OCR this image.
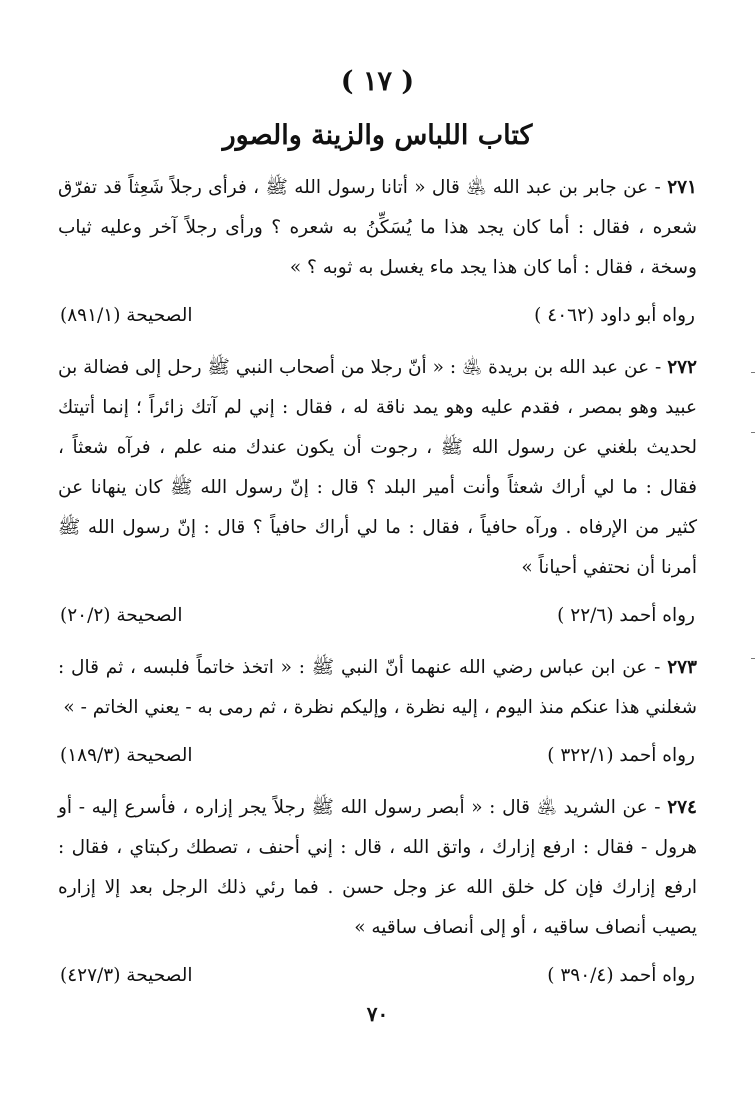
( ١٧ )
كتاب اللباس والزينة والصور

٢٧١ - عن جابر بن عبد الله ﵁ قال « أتانا رسول الله ﷺ ، فرأى رجلاً شَعِثاً قد تفرّق شعره ، فقال : أما كان يجد هذا ما يُسَكِّنُ به شعره ؟ ورأى رجلاً آخر وعليه ثياب وسخة ، فقال : أما كان هذا يجد ماء يغسل به ثوبه ؟ »

رواه أبو داود (٤٠٦٢ )
الصحيحة (٨٩١/١)

٢٧٢ - عن عبد الله بن بريدة ﵁ : « أنّ رجلا من أصحاب النبي ﷺ رحل إلى فضالة بن عبيد وهو بمصر ، فقدم عليه وهو يمد ناقة له ، فقال : إني لم آتك زائراً ؛ إنما أتيتك لحديث بلغني عن رسول الله ﷺ ، رجوت أن يكون عندك منه علم ، فرآه شعثاً ، فقال : ما لي أراك شعثاً وأنت أمير البلد ؟ قال : إنّ رسول الله ﷺ كان ينهانا عن كثير من الإرفاه . ورآه حافياً ، فقال : ما لي أراك حافياً ؟ قال : إنّ رسول الله ﷺ أمرنا أن نحتفي أحياناً »

رواه أحمد (٢٢/٦ )
الصحيحة (٢٠/٢)

٢٧٣ - عن ابن عباس رضي الله عنهما أنّ النبي ﷺ : « اتخذ خاتماً فلبسه ، ثم قال : شغلني هذا عنكم منذ اليوم ، إليه نظرة ، وإليكم نظرة ، ثم رمى به - يعني الخاتم - »

رواه أحمد (٣٢٢/١ )
الصحيحة (١٨٩/٣)

٢٧٤ - عن الشريد ﵁ قال : « أبصر رسول الله ﷺ رجلاً يجر إزاره ، فأسرع إليه - أو هرول - فقال : ارفع إزارك ، واتق الله ، قال : إني أحنف ، تصطك ركبتاي ، فقال : ارفع إزارك فإن كل خلق الله عز وجل حسن . فما رئي ذلك الرجل بعد إلا إزاره يصيب أنصاف ساقيه ، أو إلى أنصاف ساقيه »

رواه أحمد (٣٩٠/٤ )
الصحيحة (٤٢٧/٣)
٧٠
